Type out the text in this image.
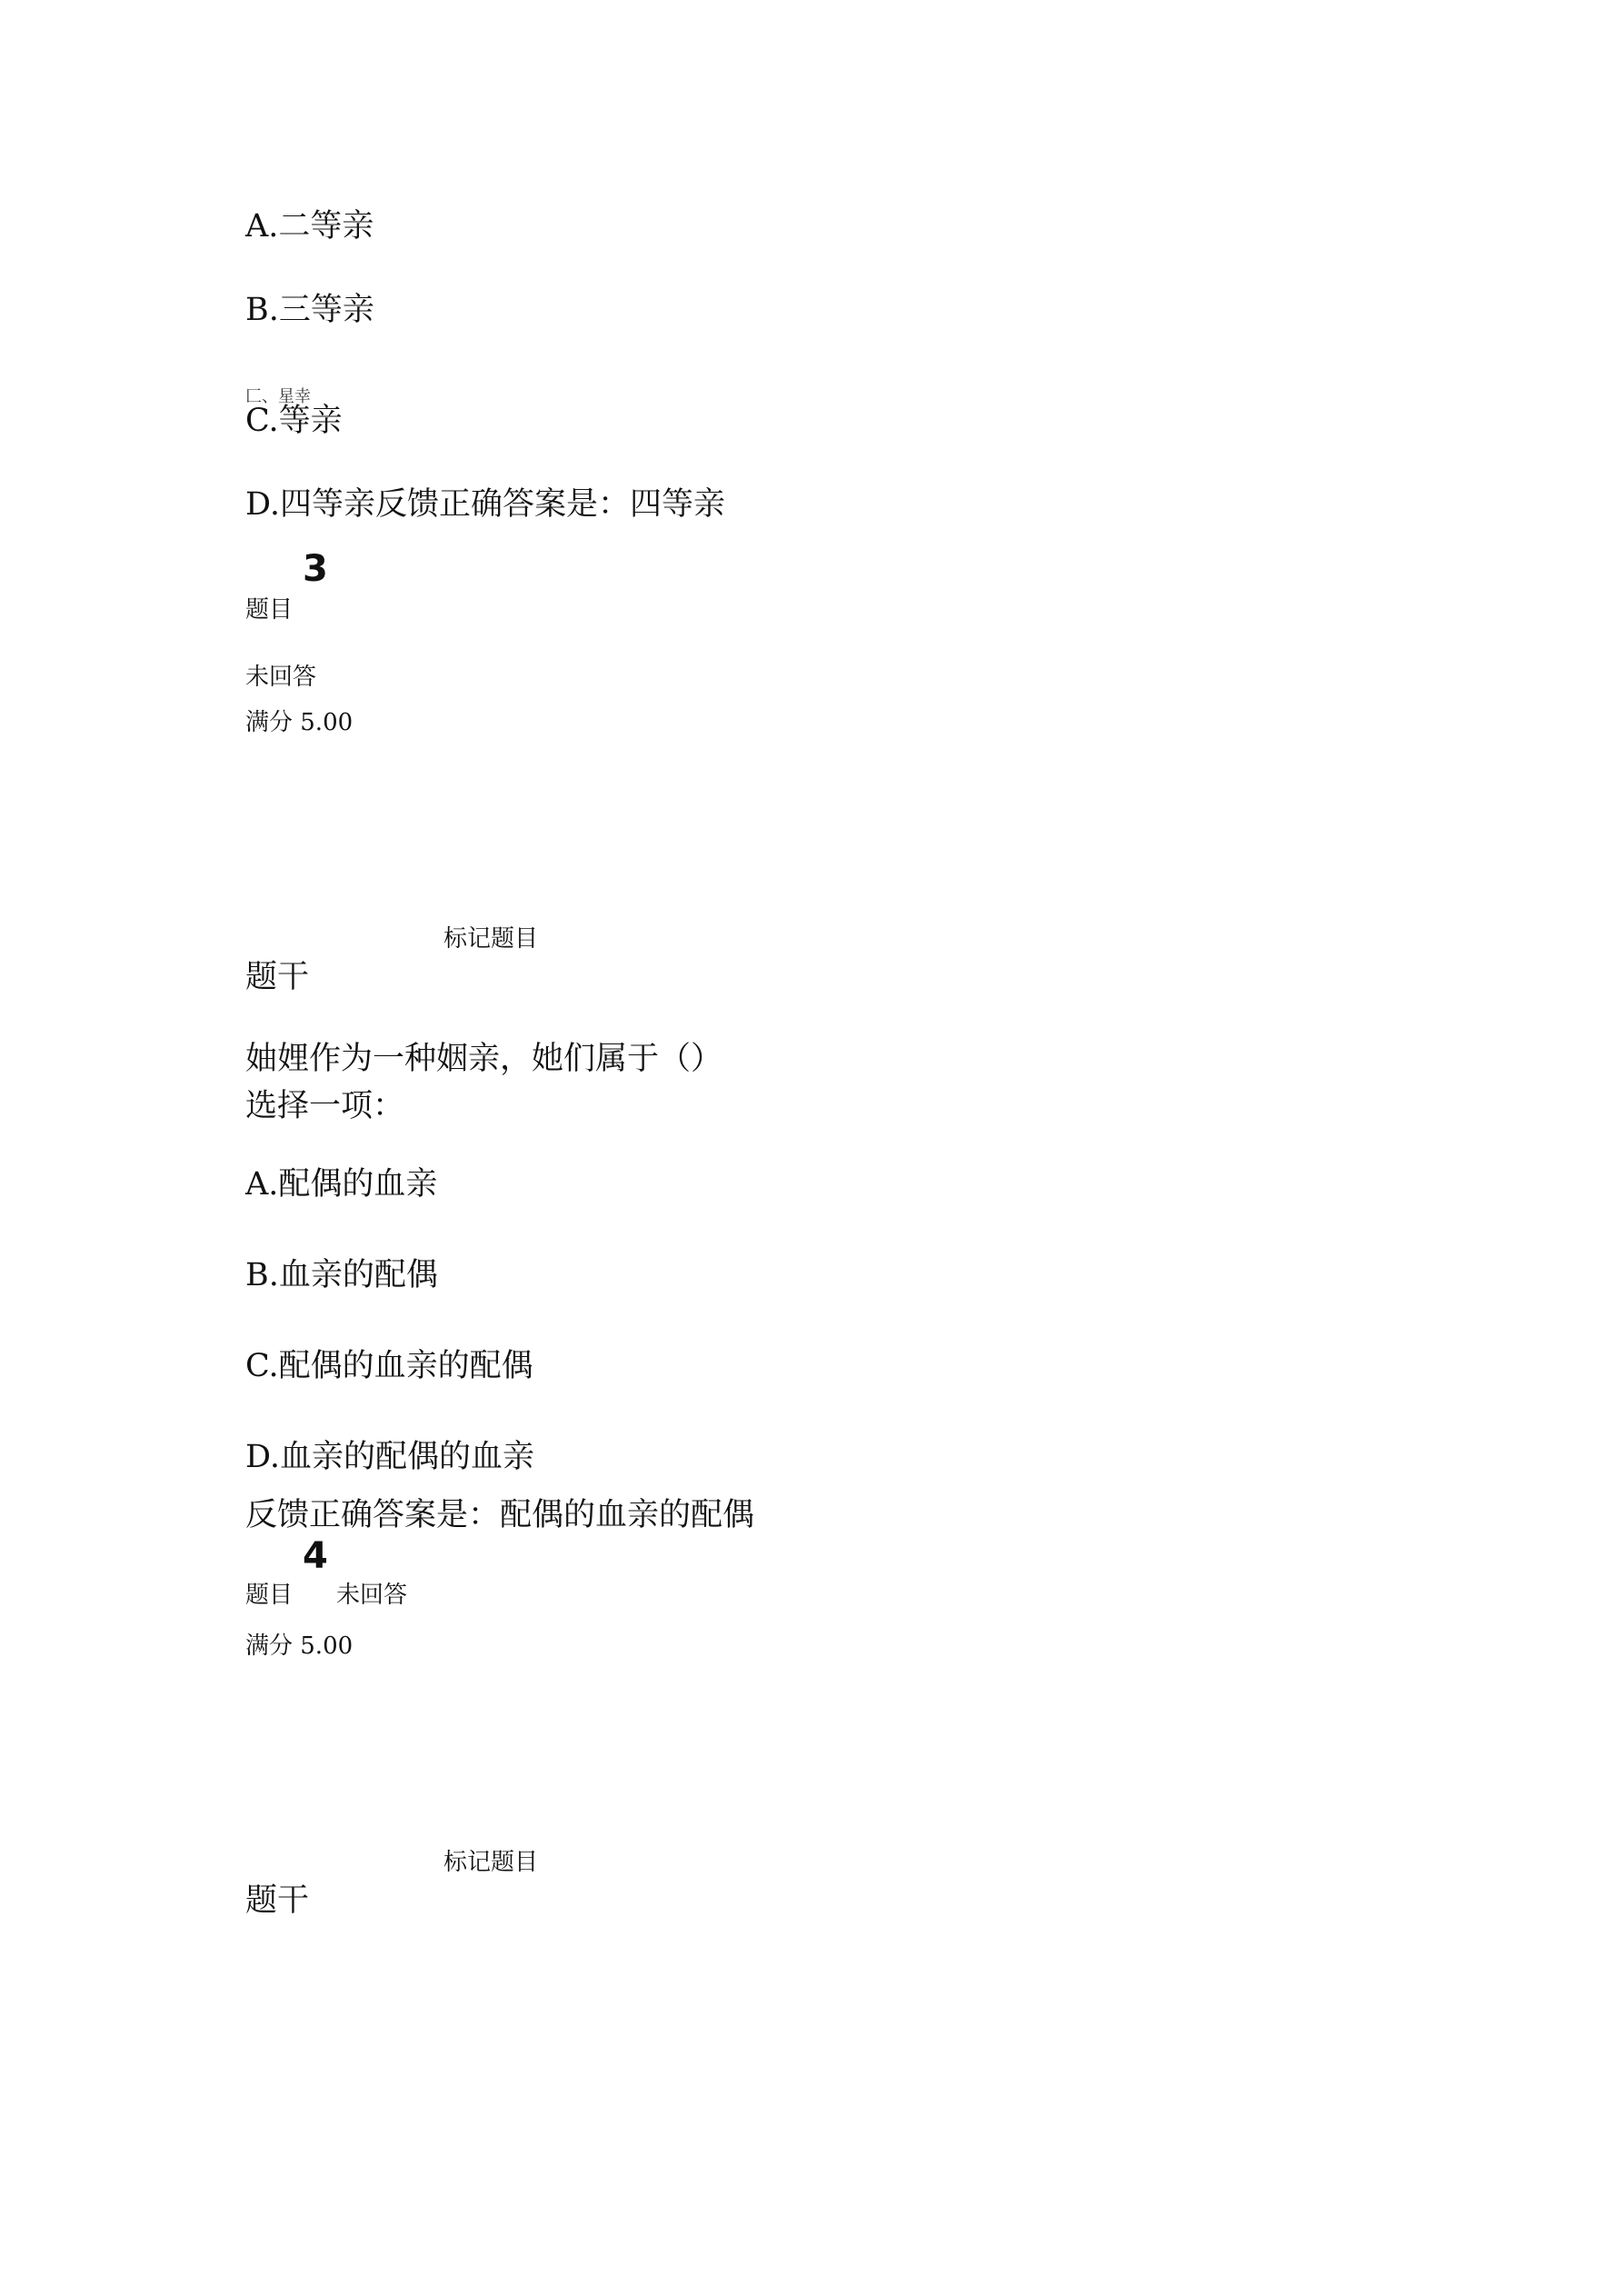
A.二等亲
B.三等亲
匚、星幸
C.等亲
D.四等亲反馈正确答案是：四等亲
3
题目
未回答
满分 5.00
标记题目
题干
妯娌作为一种姻亲，她们属于（）
选择一项：
A.配偶的血亲
B.血亲的配偶
C.配偶的血亲的配偶
D.血亲的配偶的血亲
反馈正确答案是：配偶的血亲的配偶
4
题目 未回答
满分 5.00
标记题目
题干
